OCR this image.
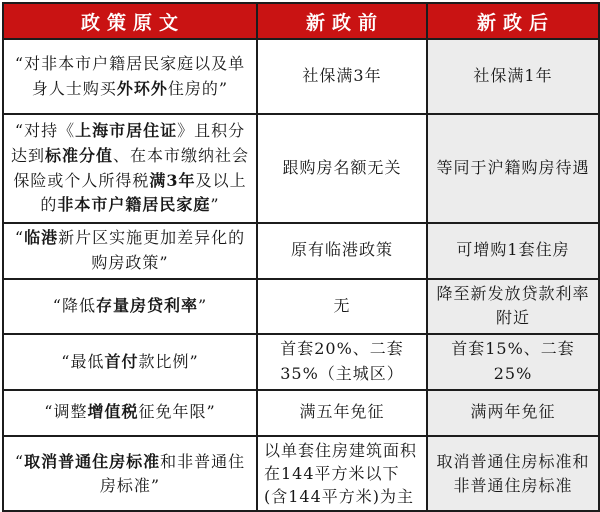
政策原文	新政前	新政后
“对非本市户籍居民家庭以及单身人士购买外环外住房的”	社保满3年	社保满1年
“对持《上海市居住证》且积分达到标准分值、在本市缴纳社会保险或个人所得税满3年及以上的非本市户籍居民家庭”	跟购房名额无关	等同于沪籍购房待遇
“临港新片区实施更加差异化的购房政策”	原有临港政策	可增购1套住房
“降低存量房贷利率”	无	降至新发放贷款利率附近
“最低首付款比例”	首套20%、二套35%（主城区）	首套15%、二套25%
“调整增值税征免年限”	满五年免征	满两年免征
“取消普通住房标准和非普通住房标准”	以单套住房建筑面积在144平方米以下(含144平方米)为主	取消普通住房标准和非普通住房标准
